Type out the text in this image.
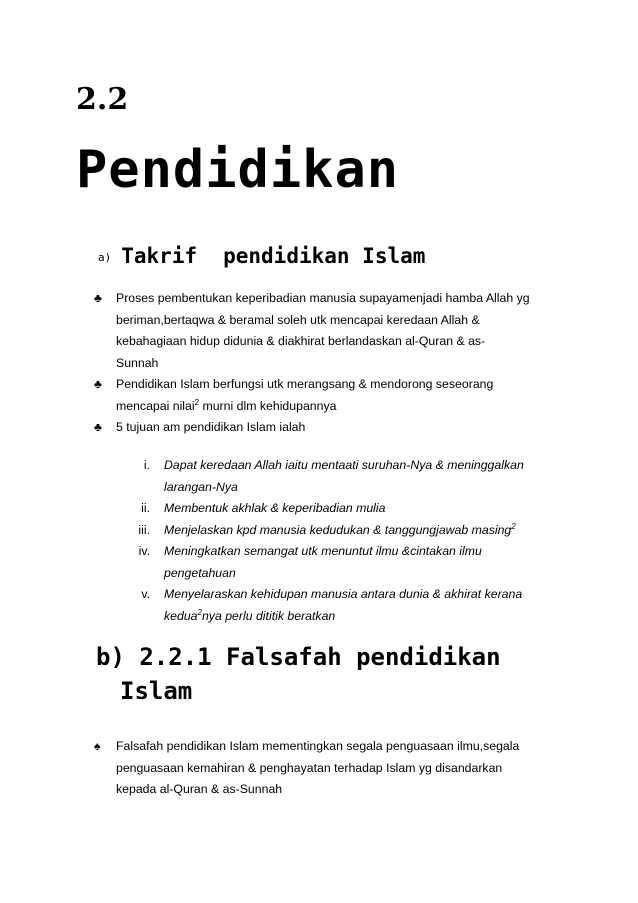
2.2
Pendidikan
a) Takrif pendidikan Islam
♣ Proses pembentukan keperibadian manusia supayamenjadi hamba Allah yg
beriman,bertaqwa & beramal soleh utk mencapai keredaan Allah &
kebahagiaan hidup didunia & diakhirat berlandaskan al-Quran & as-
Sunnah
♣ Pendidikan Islam berfungsi utk merangsang & mendorong seseorang
mencapai nilai$^2$ murni dlm kehidupannya
♣ 5 tujuan am pendidikan Islam ialah
i. Dapat keredaan Allah iaitu mentaati suruhan-Nya & meninggalkan
larangan-Nya
ii. Membentuk akhlak & keperibadian mulia
iii. Menjelaskan kpd manusia kedudukan & tanggungjawab masing$^2$
iv. Meningkatkan semangat utk menuntut ilmu &cintakan ilmu
pengetahuan
v. Menyelaraskan kehidupan manusia antara dunia & akhirat kerana
kedua$^2$nya perlu dititik beratkan
b) 2.2.1 Falsafah pendidikan
Islam
♠ Falsafah pendidikan Islam mementingkan segala penguasaan ilmu,segala
penguasaan kemahiran & penghayatan terhadap Islam yg disandarkan
kepada al-Quran & as-Sunnah
